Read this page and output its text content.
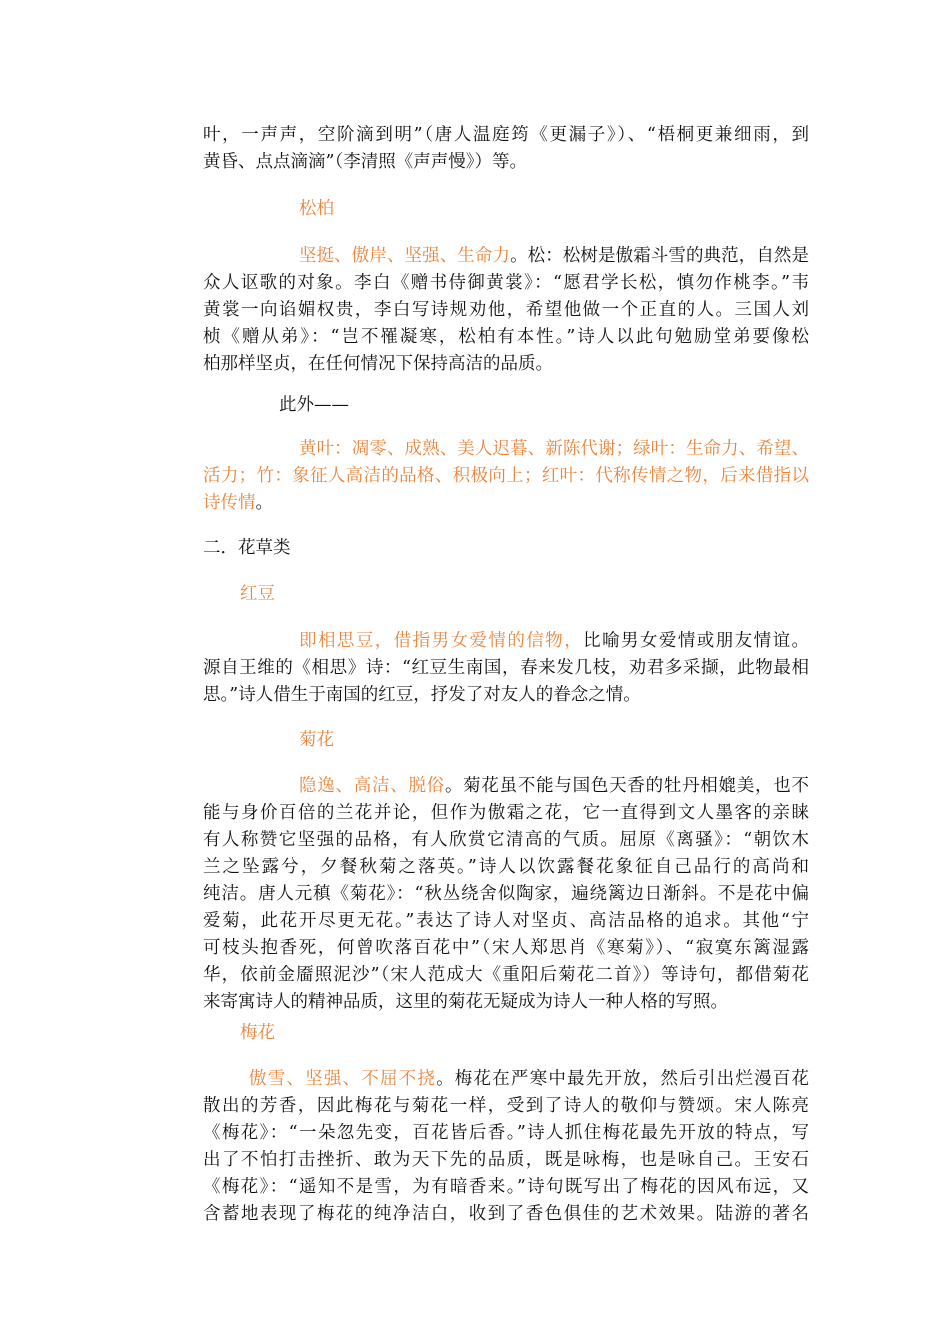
叶，一声声，空阶滴到明”（唐人温庭筠《更漏子》）、“梧桐更兼细雨，到
黄昏、点点滴滴”（李清照《声声慢》）等。
松柏
坚挺、傲岸、坚强、生命力。松：松树是傲霜斗雪的典范，自然是
众人讴歌的对象。李白《赠书侍御黄裳》：“愿君学长松，慎勿作桃李。”韦
黄裳一向谄媚权贵，李白写诗规劝他，希望他做一个正直的人。三国人刘
桢《赠从弟》：“岂不罹凝寒，松柏有本性。”诗人以此句勉励堂弟要像松
柏那样坚贞，在任何情况下保持高洁的品质。
此外——
黄叶：凋零、成熟、美人迟暮、新陈代谢；绿叶：生命力、希望、
活力；竹：象征人高洁的品格、积极向上；红叶：代称传情之物，后来借指以
诗传情。
二．花草类
红豆
即相思豆，借指男女爱情的信物，比喻男女爱情或朋友情谊。
源自王维的《相思》诗：“红豆生南国，春来发几枝，劝君多采撷，此物最相
思。”诗人借生于南国的红豆，抒发了对友人的眷念之情。
菊花
隐逸、高洁、脱俗。菊花虽不能与国色天香的牡丹相媲美，也不
能与身价百倍的兰花并论，但作为傲霜之花，它一直得到文人墨客的亲睐
有人称赞它坚强的品格，有人欣赏它清高的气质。屈原《离骚》：“朝饮木
兰之坠露兮，夕餐秋菊之落英。”诗人以饮露餐花象征自己品行的高尚和
纯洁。唐人元稹《菊花》：“秋丛绕舍似陶家，遍绕篱边日渐斜。不是花中偏
爱菊，此花开尽更无花。”表达了诗人对坚贞、高洁品格的追求。其他“宁
可枝头抱香死，何曾吹落百花中”（宋人郑思肖《寒菊》）、“寂寞东篱湿露
华，依前金靥照泥沙”（宋人范成大《重阳后菊花二首》）等诗句，都借菊花
来寄寓诗人的精神品质，这里的菊花无疑成为诗人一种人格的写照。
梅花
傲雪、坚强、不屈不挠。梅花在严寒中最先开放，然后引出烂漫百花
散出的芳香，因此梅花与菊花一样，受到了诗人的敬仰与赞颂。宋人陈亮
《梅花》：“一朵忽先变，百花皆后香。”诗人抓住梅花最先开放的特点，写
出了不怕打击挫折、敢为天下先的品质，既是咏梅，也是咏自己。王安石
《梅花》：“遥知不是雪，为有暗香来。”诗句既写出了梅花的因风布远，又
含蓄地表现了梅花的纯净洁白，收到了香色俱佳的艺术效果。陆游的著名
